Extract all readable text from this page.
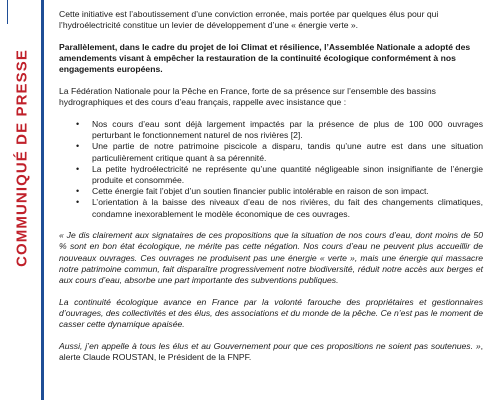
COMMUNIQUÉ DE PRESSE

Cette initiative est l’aboutissement d’une conviction erronée, mais portée par quelques élus pour qui l’hydroélectricité constitue un levier de développement d’une « énergie verte ».

Parallèlement, dans le cadre du projet de loi Climat et résilience, l’Assemblée Nationale a adopté des amendements visant à empêcher la restauration de la continuité écologique conformément à nos engagements européens.

La Fédération Nationale pour la Pêche en France, forte de sa présence sur l’ensemble des bassins hydrographiques et des cours d’eau français, rappelle avec insistance que :

• Nos cours d’eau sont déjà largement impactés par la présence de plus de 100 000 ouvrages perturbant le fonctionnement naturel de nos rivières [2].
• Une partie de notre patrimoine piscicole a disparu, tandis qu’une autre est dans une situation particulièrement critique quant à sa pérennité.
• La petite hydroélectricité ne représente qu’une quantité négligeable sinon insignifiante de l’énergie produite et consommée.
• Cette énergie fait l’objet d’un soutien financier public intolérable en raison de son impact.
• L’orientation à la baisse des niveaux d’eau de nos rivières, du fait des changements climatiques, condamne inexorablement le modèle économique de ces ouvrages.

« Je dis clairement aux signataires de ces propositions que la situation de nos cours d’eau, dont moins de 50 % sont en bon état écologique, ne mérite pas cette négation. Nos cours d’eau ne peuvent plus accueillir de nouveaux ouvrages. Ces ouvrages ne produisent pas une énergie « verte », mais une énergie qui massacre notre patrimoine commun, fait disparaître progressivement notre biodiversité, réduit notre accès aux berges et aux cours d’eau, absorbe une part importante des subventions publiques.

La continuité écologique avance en France par la volonté farouche des propriétaires et gestionnaires d’ouvrages, des collectivités et des élus, des associations et du monde de la pêche. Ce n’est pas le moment de casser cette dynamique apaisée.

Aussi, j’en appelle à tous les élus et au Gouvernement pour que ces propositions ne soient pas soutenues. », alerte Claude ROUSTAN, le Président de la FNPF.
